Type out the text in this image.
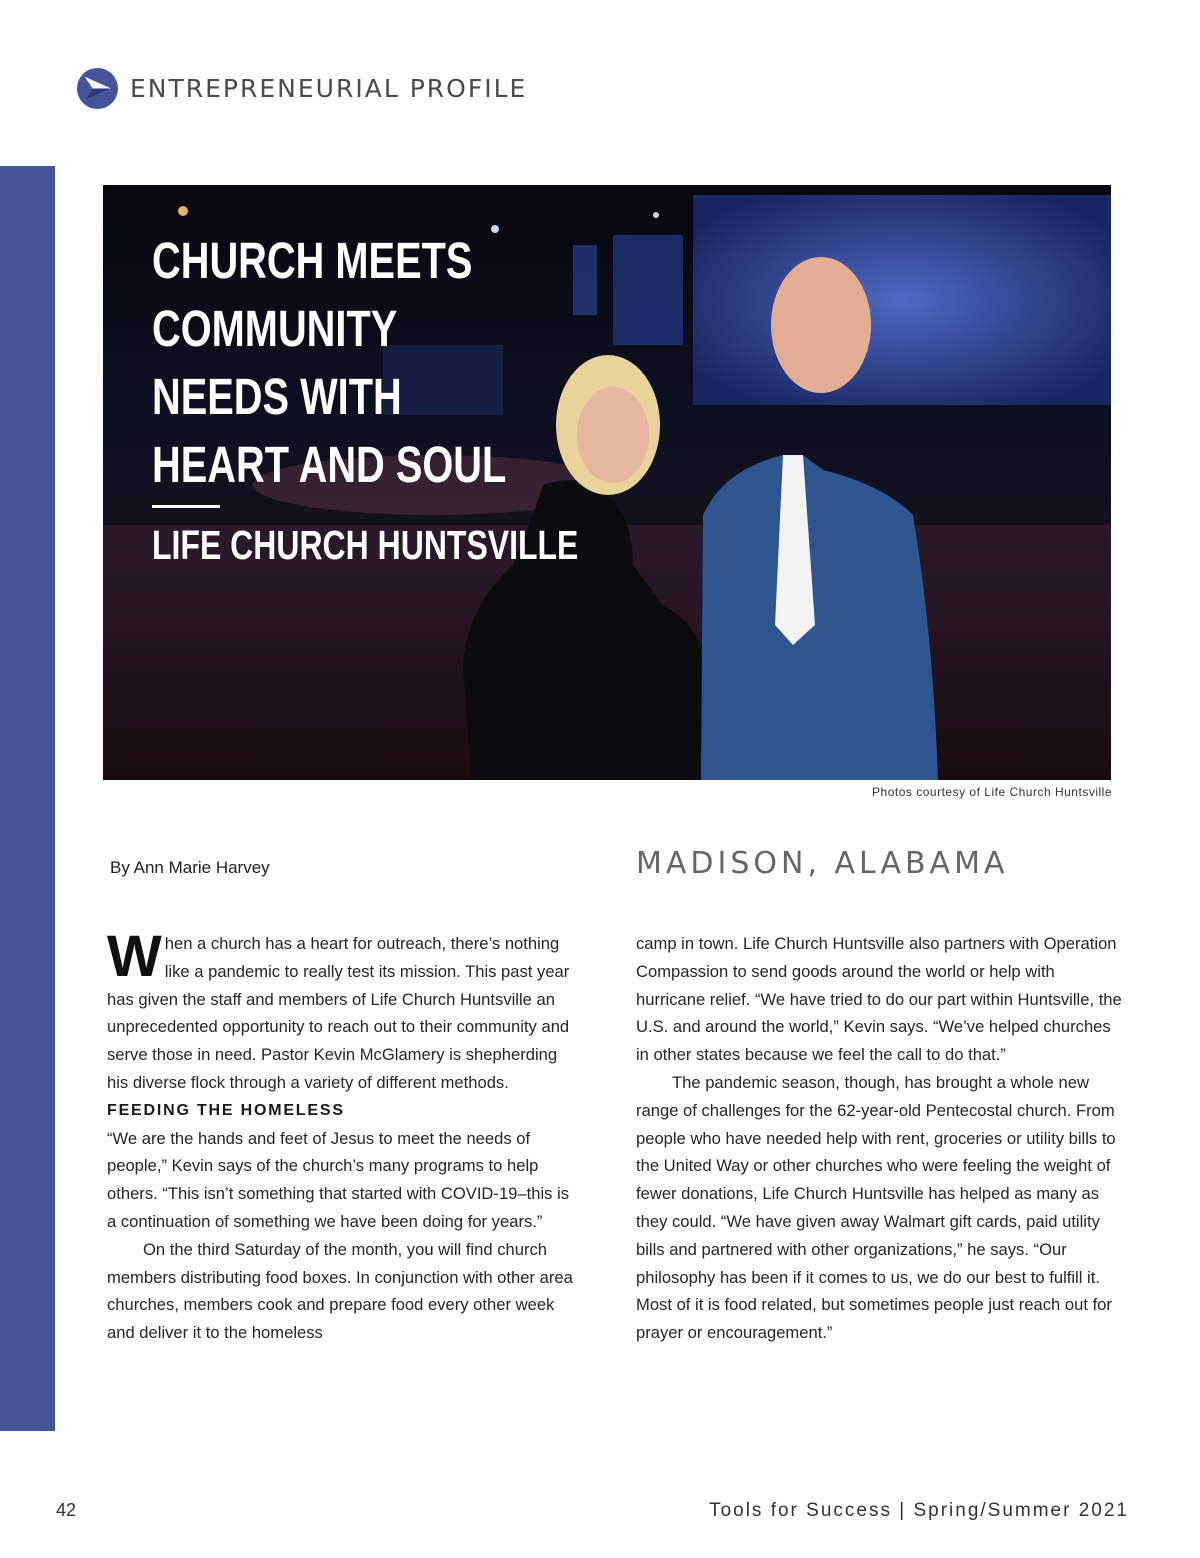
ENTREPRENEURIAL PROFILE
CHURCH MEETS
COMMUNITY
NEEDS WITH
HEART AND SOUL
LIFE CHURCH HUNTSVILLE
Photos courtesy of Life Church Huntsville
By Ann Marie Harvey	MADISON, ALABAMA

When a church has a heart for outreach, there’s nothing like a pandemic to really test its mission. This past year has given the staff and members of Life Church Huntsville an unprecedented opportunity to reach out to their community and serve those in need. Pastor Kevin McGlamery is shepherding his diverse flock through a variety of different methods.

FEEDING THE HOMELESS

“We are the hands and feet of Jesus to meet the needs of people,” Kevin says of the church’s many programs to help others. “This isn’t something that started with COVID-19–this is a continuation of something we have been doing for years.”

On the third Saturday of the month, you will find church members distributing food boxes. In conjunction with other area churches, members cook and prepare food every other week and deliver it to the homeless

camp in town. Life Church Huntsville also partners with Operation Compassion to send goods around the world or help with hurricane relief. “We have tried to do our part within Huntsville, the U.S. and around the world,” Kevin says. “We’ve helped churches in other states because we feel the call to do that.”

The pandemic season, though, has brought a whole new range of challenges for the 62-year-old Pentecostal church. From people who have needed help with rent, groceries or utility bills to the United Way or other churches who were feeling the weight of fewer donations, Life Church Huntsville has helped as many as they could. “We have given away Walmart gift cards, paid utility bills and partnered with other organizations,” he says. “Our philosophy has been if it comes to us, we do our best to fulfill it. Most of it is food related, but sometimes people just reach out for prayer or encouragement.”

42	Tools for Success | Spring/Summer 2021
